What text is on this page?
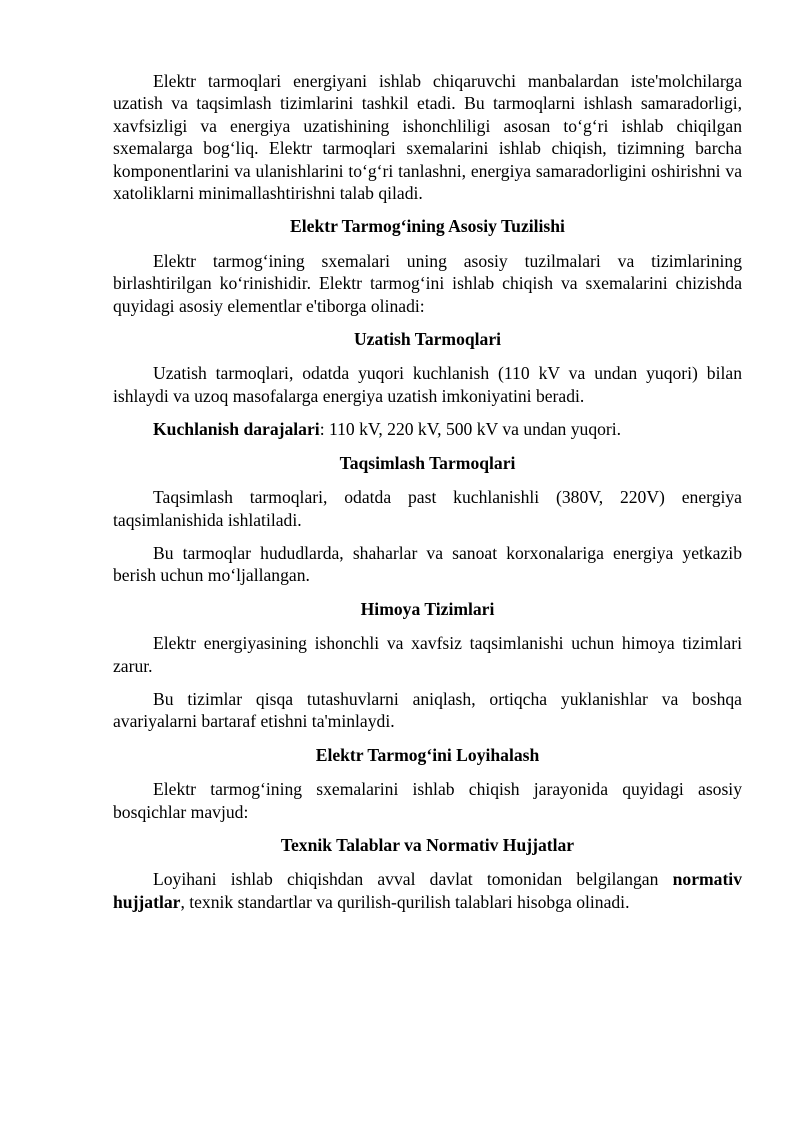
Elektr tarmoqlari energiyani ishlab chiqaruvchi manbalardan iste'molchilarga uzatish va taqsimlash tizimlarini tashkil etadi. Bu tarmoqlarni ishlash samaradorligi, xavfsizligi va energiya uzatishining ishonchliligi asosan to‘g‘ri ishlab chiqilgan sxemalarga bog‘liq. Elektr tarmoqlari sxemalarini ishlab chiqish, tizimning barcha komponentlarini va ulanishlarini to‘g‘ri tanlashni, energiya samaradorligini oshirishni va xatoliklarni minimallashtirishni talab qiladi.

Elektr Tarmog‘ining Asosiy Tuzilishi

Elektr tarmog‘ining sxemalari uning asosiy tuzilmalari va tizimlarining birlashtirilgan ko‘rinishidir. Elektr tarmog‘ini ishlab chiqish va sxemalarini chizishda quyidagi asosiy elementlar e'tiborga olinadi:

Uzatish Tarmoqlari

Uzatish tarmoqlari, odatda yuqori kuchlanish (110 kV va undan yuqori) bilan ishlaydi va uzoq masofalarga energiya uzatish imkoniyatini beradi.

Kuchlanish darajalari: 110 kV, 220 kV, 500 kV va undan yuqori.

Taqsimlash Tarmoqlari

Taqsimlash tarmoqlari, odatda past kuchlanishli (380V, 220V) energiya taqsimlanishida ishlatiladi.

Bu tarmoqlar hududlarda, shaharlar va sanoat korxonalariga energiya yetkazib berish uchun mo‘ljallangan.

Himoya Tizimlari

Elektr energiyasining ishonchli va xavfsiz taqsimlanishi uchun himoya tizimlari zarur.

Bu tizimlar qisqa tutashuvlarni aniqlash, ortiqcha yuklanishlar va boshqa avariyalarni bartaraf etishni ta'minlaydi.

Elektr Tarmog‘ini Loyihalash

Elektr tarmog‘ining sxemalarini ishlab chiqish jarayonida quyidagi asosiy bosqichlar mavjud:

Texnik Talablar va Normativ Hujjatlar

Loyihani ishlab chiqishdan avval davlat tomonidan belgilangan normativ hujjatlar, texnik standartlar va qurilish-qurilish talablari hisobga olinadi.
